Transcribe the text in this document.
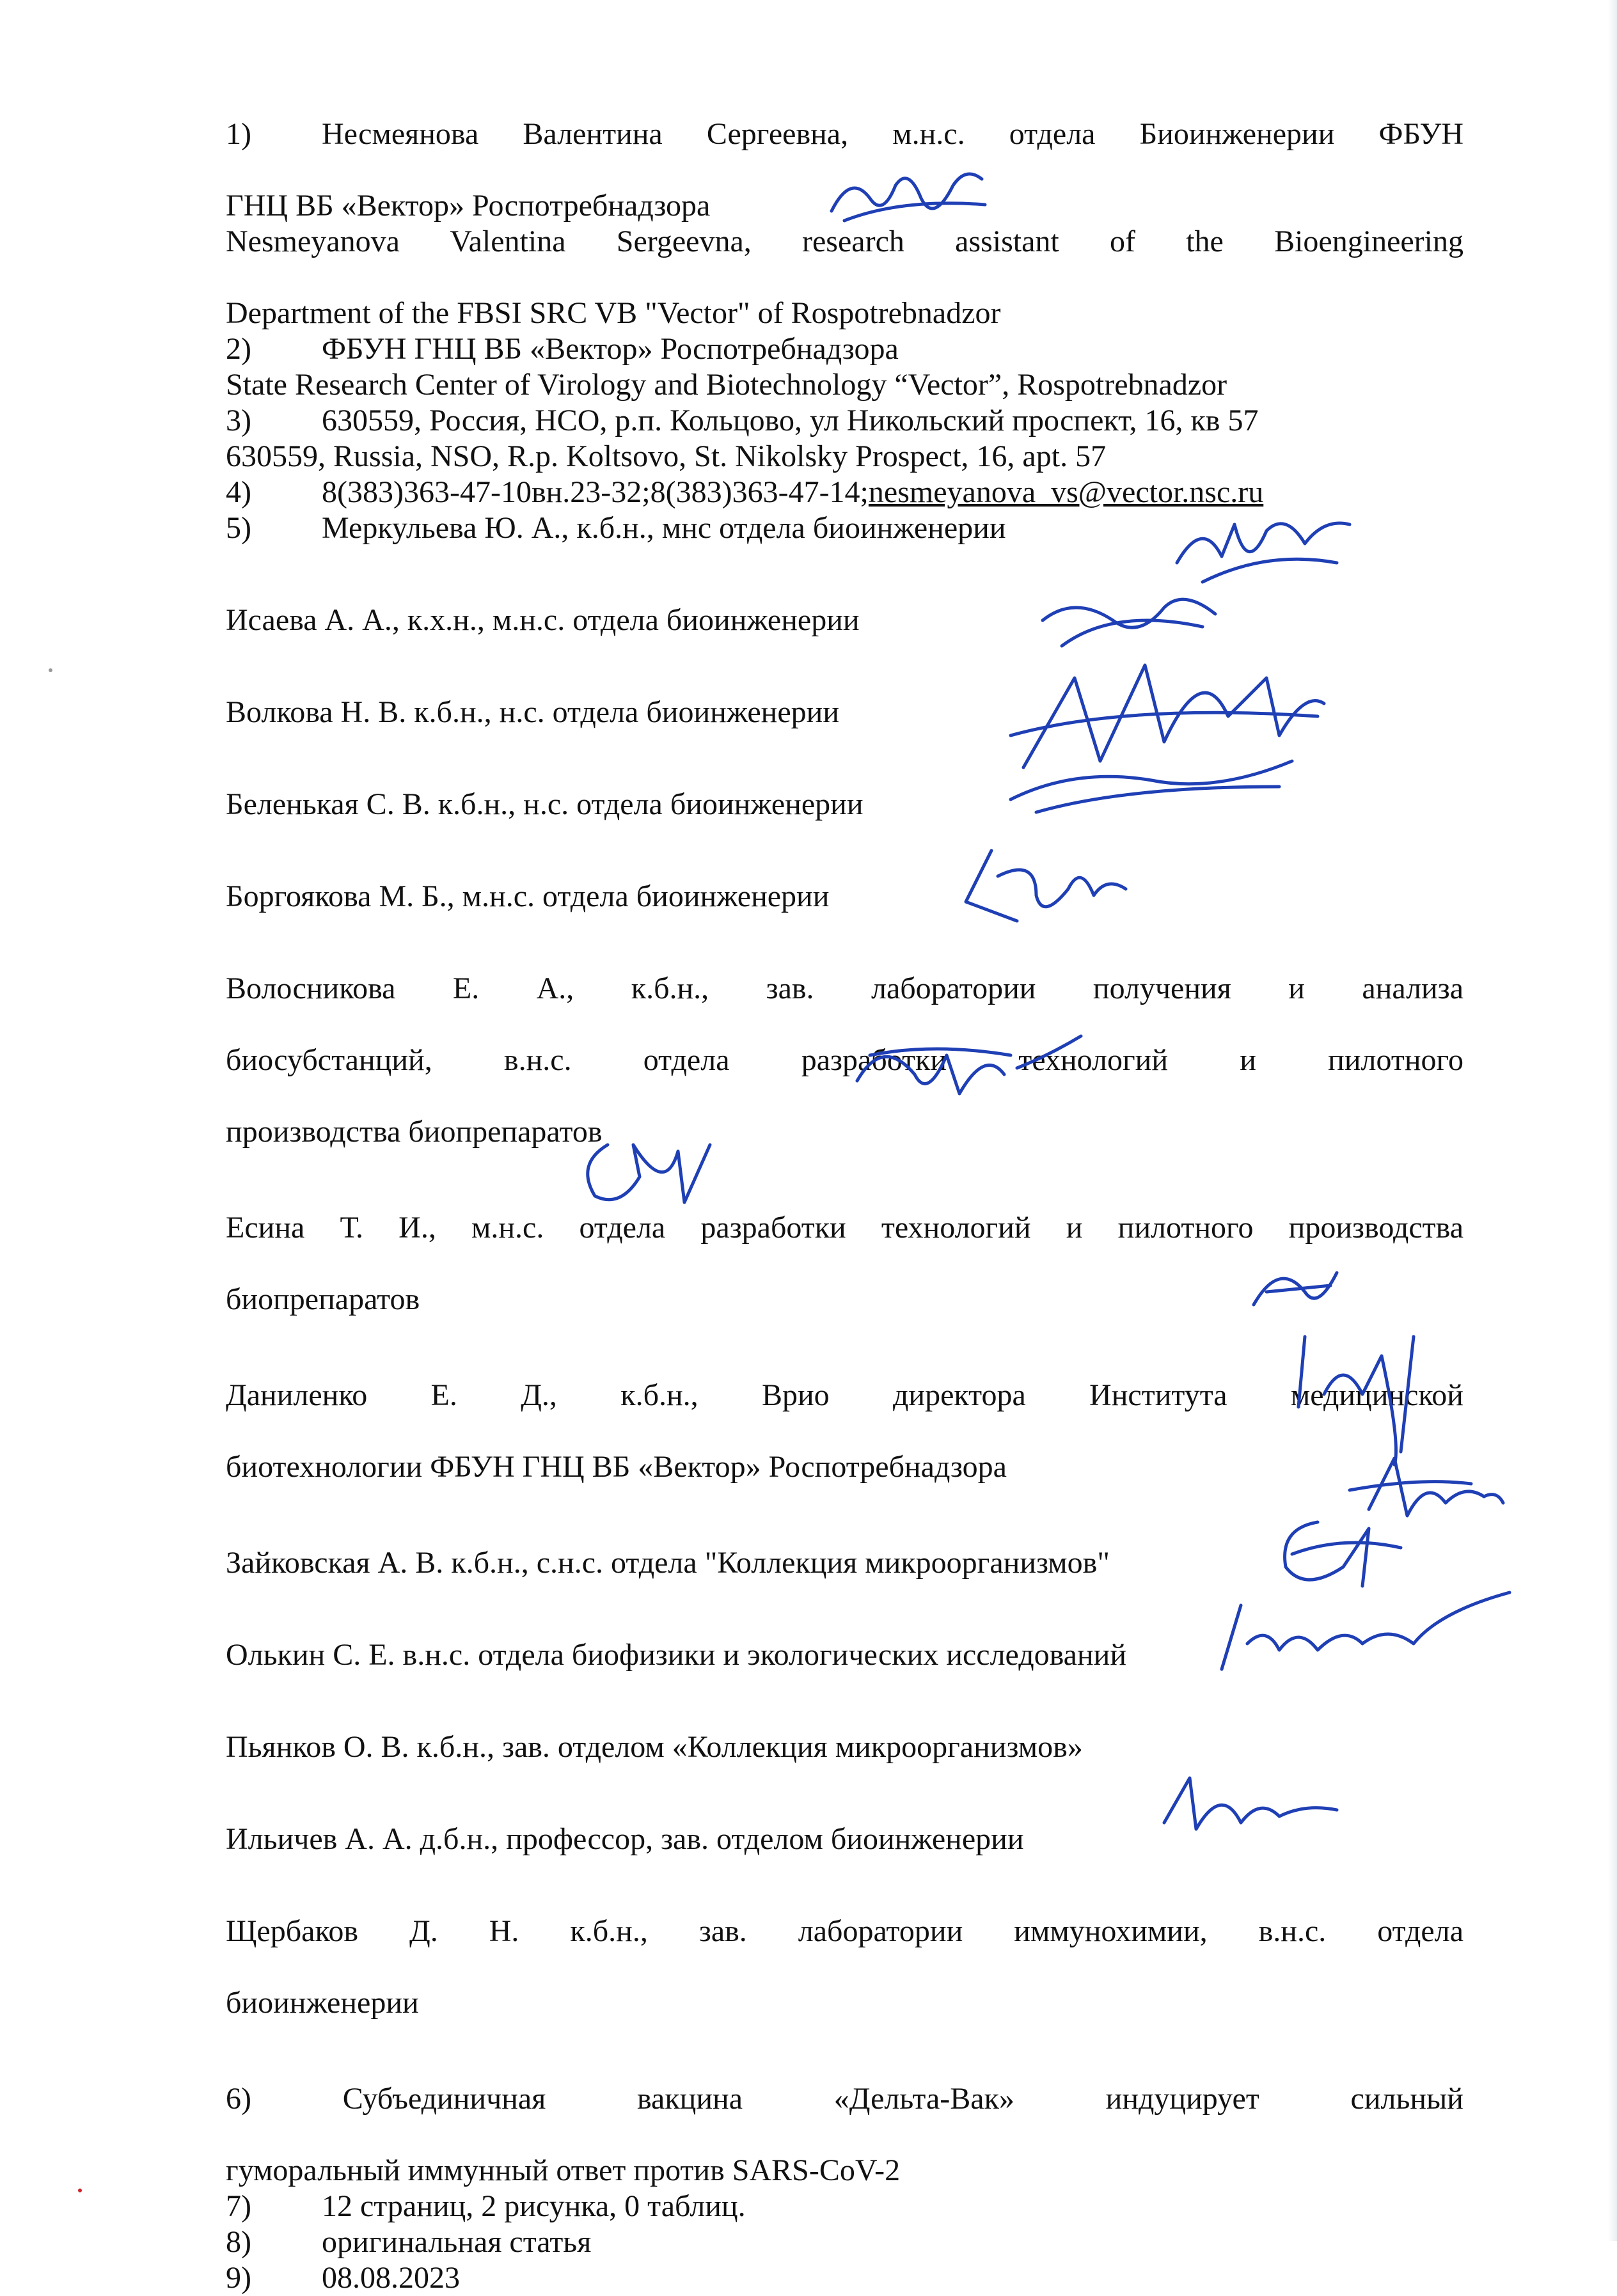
1) Несмеянова Валентина Сергеевна, м.н.с. отдела Биоинженерии ФБУН

ГНЦ ВБ «Вектор» Роспотребнадзора

Nesmeyanova Valentina Sergeevna, research assistant of the Bioengineering

Department of the FBSI SRC VB "Vector" of Rospotrebnadzor

2)	ФБУН ГНЦ ВБ «Вектор» Роспотребнадзора

State Research Center of Virology and Biotechnology “Vector”, Rospotrebnadzor

3)	630559, Россия, НСО, р.п. Кольцово, ул Никольский проспект, 16, кв 57

630559, Russia, NSO, R.p. Koltsovo, St. Nikolsky Prospect, 16, apt. 57

4)	8(383)363-47-10вн.23-32;8(383)363-47-14; nesmeyanova_vs@vector.nsc.ru
5)	Меркульева Ю. А., к.б.н., мнс отдела биоинженерии

Исаева А. А., к.х.н., м.н.с. отдела биоинженерии

Волкова Н. В. к.б.н., н.с. отдела биоинженерии

Беленькая С. В. к.б.н., н.с. отдела биоинженерии

Боргоякова М. Б., м.н.с. отдела биоинженерии

Волосникова Е. А., к.б.н., зав. лаборатории получения и анализа

биосубстанций, в.н.с. отдела разработки технологий и пилотного

производства биопрепаратов

Есина Т. И., м.н.с. отдела разработки технологий и пилотного производства

биопрепаратов

Даниленко Е. Д., к.б.н., Врио директора Института медицинской

биотехнологии ФБУН ГНЦ ВБ «Вектор» Роспотребнадзора

Зайковская А. В. к.б.н., с.н.с. отдела "Коллекция микроорганизмов"

Олькин С. Е. в.н.с. отдела биофизики и экологических исследований

Пьянков О. В. к.б.н., зав. отделом «Коллекция микроорганизмов»

Ильичев А. А. д.б.н., профессор, зав. отделом биоинженерии

Щербаков Д. Н. к.б.н., зав. лаборатории иммунохимии, в.н.с. отдела

биоинженерии

6) Субъединичная вакцина «Дельта-Вак» индуцирует сильный

гуморальный иммунный ответ против SARS-CoV-2

7)	12 страниц, 2 рисунка, 0 таблиц.
8)	оригинальная статья
9)	08.08.2023
